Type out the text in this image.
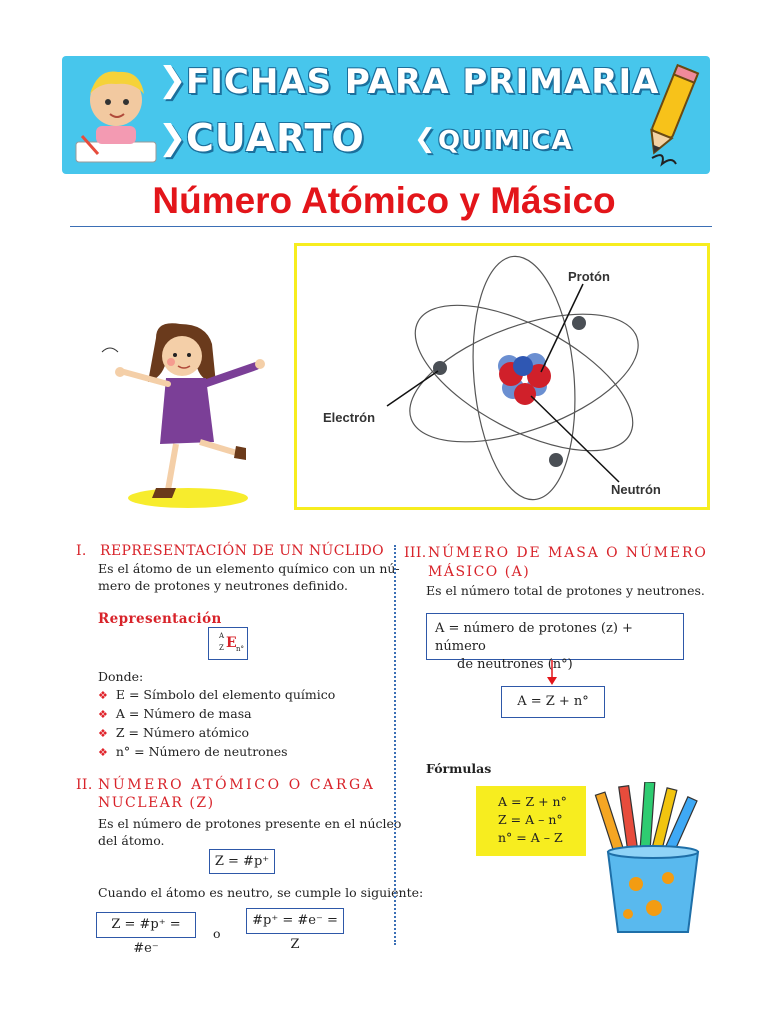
❯ FICHAS PARA PRIMARIA
❯ CUARTO ❮ QUIMICA
Número Atómico y Másico
Protón
Electrón
Neutrón
I. REPRESENTACIÓN DE UN NÚCLIDO
Es el átomo de un elemento químico con un nú-
mero de protones y neutrones definido.
Representación
A
Z E n°
Donde:
❖ E = Símbolo del elemento químico
❖ A = Número de masa
❖ Z = Número atómico
❖ n° = Número de neutrones
II. NÚMERO ATÓMICO O CARGA
NUCLEAR (Z)
Es el número de protones presente en el núcleo
del átomo.
Z = #p⁺
Cuando el átomo es neutro, se cumple lo siguiente:
Z = #p⁺ = #e⁻
o
#p⁺ = #e⁻ = Z
III. NÚMERO DE MASA O NÚMERO
MÁSICO (A)
Es el número total de protones y neutrones.
A = número de protones (z) + número
de neutrones (n°)
A = Z + n°
Fórmulas
A = Z + n°
Z = A – n°
n° = A – Z
